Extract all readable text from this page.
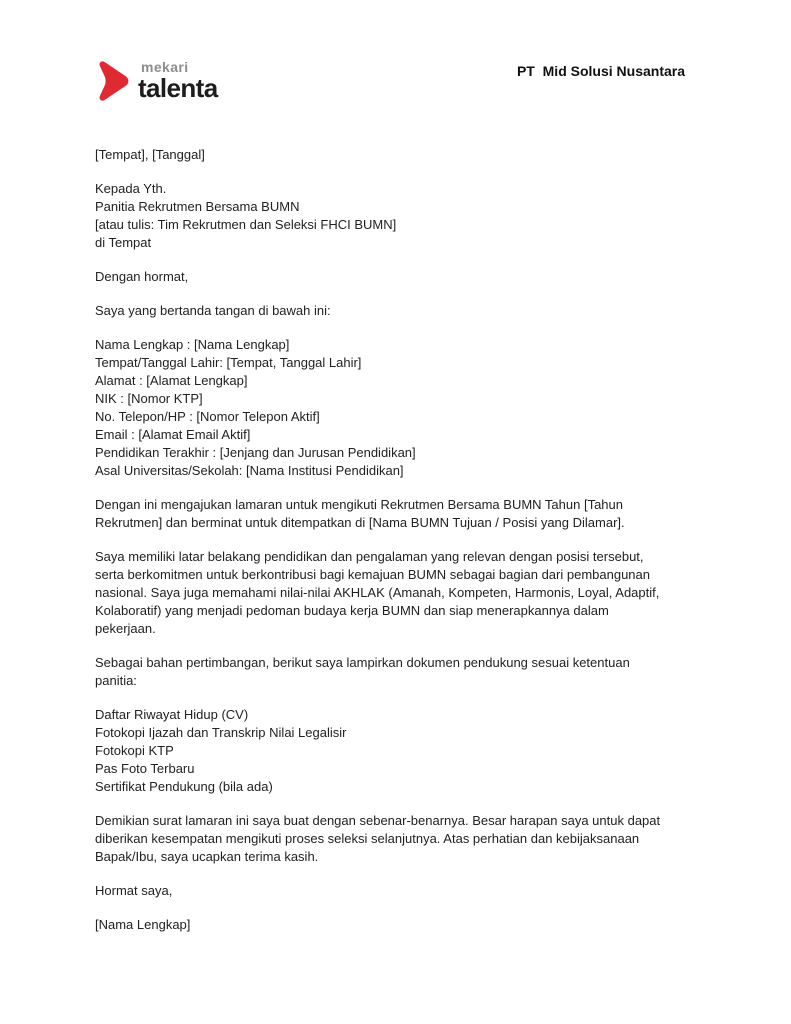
mekari
talenta
PT  Mid Solusi Nusantara
[Tempat], [Tanggal]
Kepada Yth.
Panitia Rekrutmen Bersama BUMN
[atau tulis: Tim Rekrutmen dan Seleksi FHCI BUMN]
di Tempat
Dengan hormat,
Saya yang bertanda tangan di bawah ini:
Nama Lengkap : [Nama Lengkap]
Tempat/Tanggal Lahir: [Tempat, Tanggal Lahir]
Alamat : [Alamat Lengkap]
NIK : [Nomor KTP]
No. Telepon/HP : [Nomor Telepon Aktif]
Email : [Alamat Email Aktif]
Pendidikan Terakhir : [Jenjang dan Jurusan Pendidikan]
Asal Universitas/Sekolah: [Nama Institusi Pendidikan]
Dengan ini mengajukan lamaran untuk mengikuti Rekrutmen Bersama BUMN Tahun [Tahun
Rekrutmen] dan berminat untuk ditempatkan di [Nama BUMN Tujuan / Posisi yang Dilamar].
Saya memiliki latar belakang pendidikan dan pengalaman yang relevan dengan posisi tersebut,
serta berkomitmen untuk berkontribusi bagi kemajuan BUMN sebagai bagian dari pembangunan
nasional. Saya juga memahami nilai-nilai AKHLAK (Amanah, Kompeten, Harmonis, Loyal, Adaptif,
Kolaboratif) yang menjadi pedoman budaya kerja BUMN dan siap menerapkannya dalam
pekerjaan.
Sebagai bahan pertimbangan, berikut saya lampirkan dokumen pendukung sesuai ketentuan
panitia:
Daftar Riwayat Hidup (CV)
Fotokopi Ijazah dan Transkrip Nilai Legalisir
Fotokopi KTP
Pas Foto Terbaru
Sertifikat Pendukung (bila ada)
Demikian surat lamaran ini saya buat dengan sebenar-benarnya. Besar harapan saya untuk dapat
diberikan kesempatan mengikuti proses seleksi selanjutnya. Atas perhatian dan kebijaksanaan
Bapak/Ibu, saya ucapkan terima kasih.
Hormat saya,
[Nama Lengkap]
